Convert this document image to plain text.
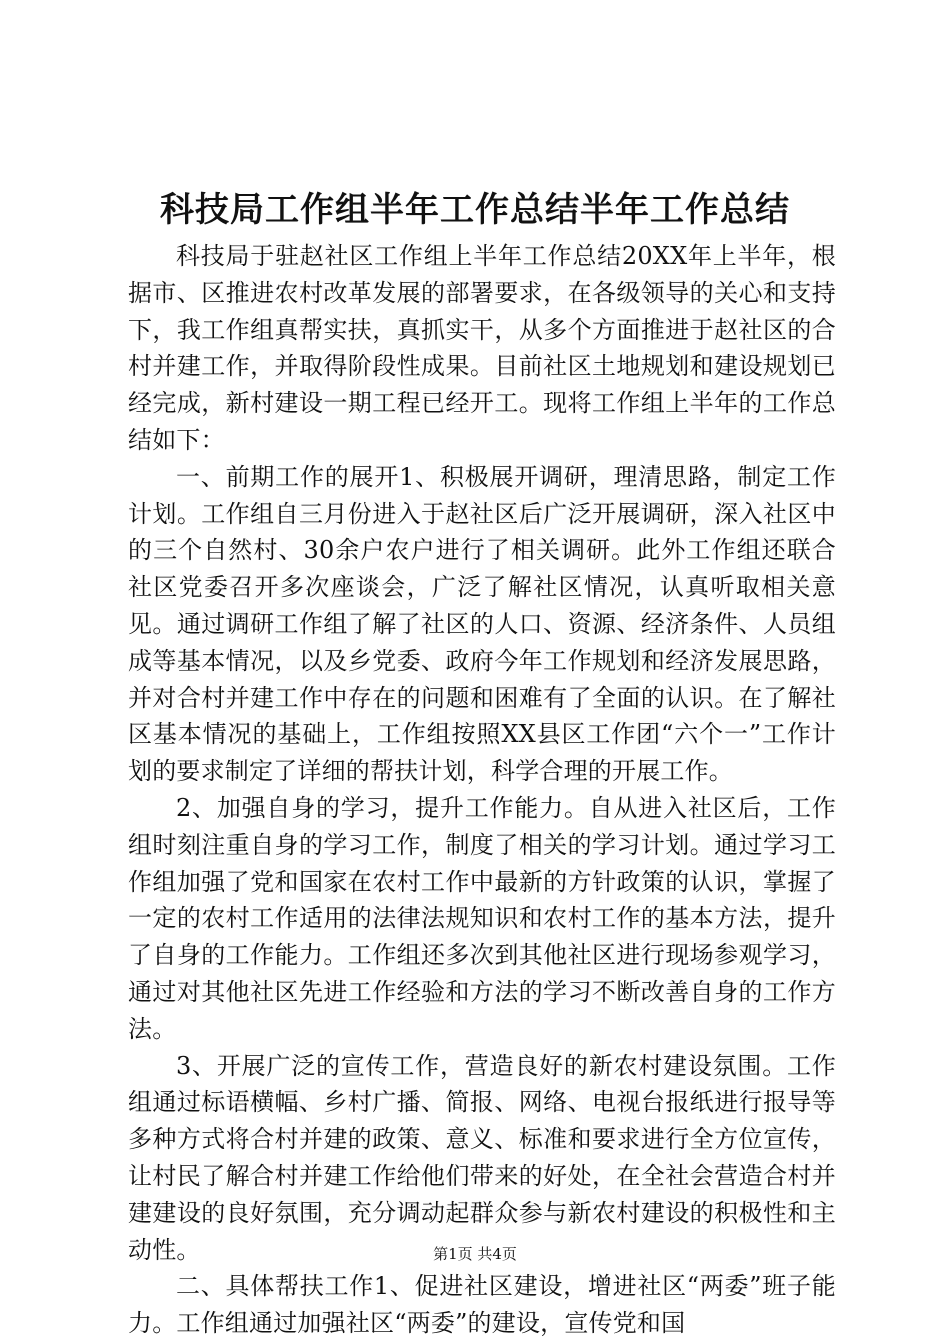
科技局工作组半年工作总结半年工作总结

科技局于驻赵社区工作组上半年工作总结20XX年上半年，根据市、区推进农村改革发展的部署要求，在各级领导的关心和支持下，我工作组真帮实扶，真抓实干，从多个方面推进于赵社区的合村并建工作，并取得阶段性成果。目前社区土地规划和建设规划已经完成，新村建设一期工程已经开工。现将工作组上半年的工作总结如下：

一、前期工作的展开1、积极展开调研，理清思路，制定工作计划。工作组自三月份进入于赵社区后广泛开展调研，深入社区中的三个自然村、30余户农户进行了相关调研。此外工作组还联合社区党委召开多次座谈会，广泛了解社区情况，认真听取相关意见。通过调研工作组了解了社区的人口、资源、经济条件、人员组成等基本情况，以及乡党委、政府今年工作规划和经济发展思路，并对合村并建工作中存在的问题和困难有了全面的认识。在了解社区基本情况的基础上，工作组按照XX县区工作团“六个一”工作计划的要求制定了详细的帮扶计划，科学合理的开展工作。

2、加强自身的学习，提升工作能力。自从进入社区后，工作组时刻注重自身的学习工作，制度了相关的学习计划。通过学习工作组加强了党和国家在农村工作中最新的方针政策的认识，掌握了一定的农村工作适用的法律法规知识和农村工作的基本方法，提升了自身的工作能力。工作组还多次到其他社区进行现场参观学习，通过对其他社区先进工作经验和方法的学习不断改善自身的工作方法。

3、开展广泛的宣传工作，营造良好的新农村建设氛围。工作组通过标语横幅、乡村广播、简报、网络、电视台报纸进行报导等多种方式将合村并建的政策、意义、标准和要求进行全方位宣传，让村民了解合村并建工作给他们带来的好处，在全社会营造合村并建建设的良好氛围，充分调动起群众参与新农村建设的积极性和主动性。

二、具体帮扶工作1、促进社区建设，增进社区“两委”班子能力。工作组通过加强社区“两委”的建设，宣传党和国

第1页 共4页
